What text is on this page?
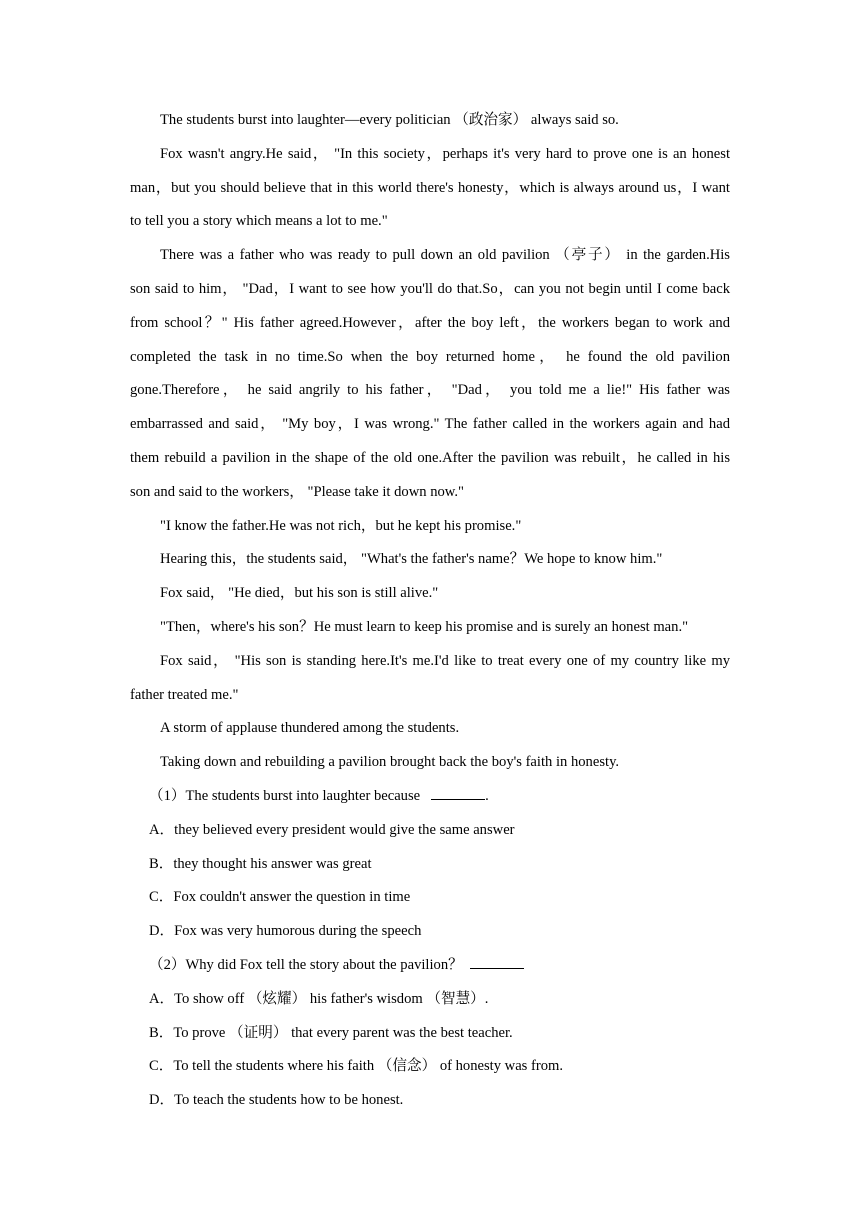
The students burst into laughter—every politician （政治家） always said so.
Fox wasn't angry.He said， "In this society，perhaps it's very hard to prove one is an honest
man，but you should believe that in this world there's honesty，which is always around us，I want
to tell you a story which means a lot to me."
There was a father who was ready to pull down an old pavilion （亭子） in the garden.His
son said to him， "Dad，I want to see how you'll do that.So，can you not begin until I come back
from school？" His father agreed.However，after the boy left，the workers began to work and
completed the task in no time.So when the boy returned home， he found the old pavilion
gone.Therefore， he said angrily to his father， "Dad， you told me a lie!" His father was
embarrassed and said， "My boy，I was wrong." The father called in the workers again and had
them rebuild a pavilion in the shape of the old one.After the pavilion was rebuilt，he called in his
son and said to the workers， "Please take it down now."
"I know the father.He was not rich，but he kept his promise."
Hearing this，the students said， "What's the father's name？We hope to know him."
Fox said， "He died，but his son is still alive."
"Then，where's his son？He must learn to keep his promise and is surely an honest man."
Fox said， "His son is standing here.It's me.I'd like to treat every one of my country like my
father treated me."
A storm of applause thundered among the students.
Taking down and rebuilding a pavilion brought back the boy's faith in honesty.
（1）The students burst into laughter because	.
A．they believed every president would give the same answer
B．they thought his answer was great
C．Fox couldn't answer the question in time
D．Fox was very humorous during the speech
（2）Why did Fox tell the story about the pavilion？
A．To show off （炫耀） his father's wisdom （智慧）.
B．To prove （证明） that every parent was the best teacher.
C．To tell the students where his faith （信念） of honesty was from.
D．To teach the students how to be honest.
